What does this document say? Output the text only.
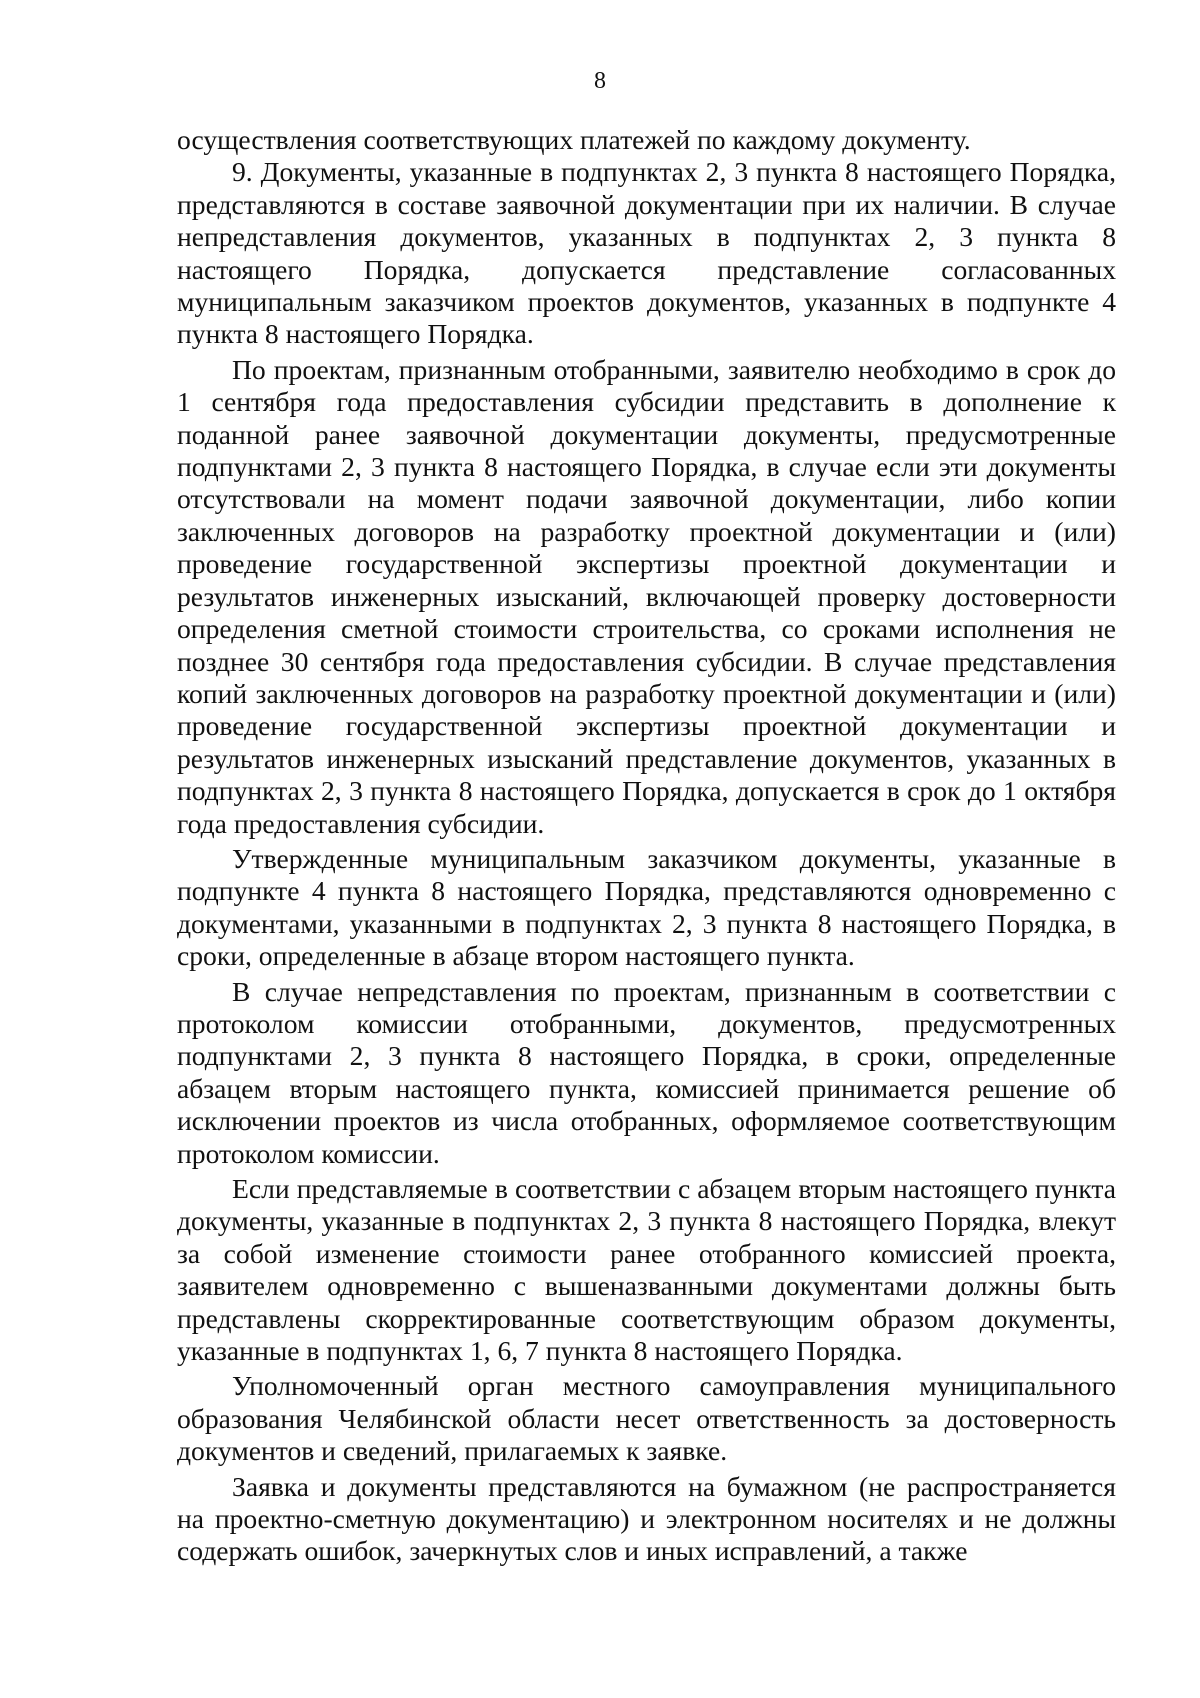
8

осуществления соответствующих платежей по каждому документу.

9. Документы, указанные в подпунктах 2, 3 пункта 8 настоящего Порядка, представляются в составе заявочной документации при их наличии. В случае непредставления документов, указанных в подпунктах 2, 3 пункта 8 настоящего Порядка, допускается представление согласованных муниципальным заказчиком проектов документов, указанных в подпункте 4 пункта 8 настоящего Порядка.

По проектам, признанным отобранными, заявителю необходимо в срок до 1 сентября года предоставления субсидии представить в дополнение к поданной ранее заявочной документации документы, предусмотренные подпунктами 2, 3 пункта 8 настоящего Порядка, в случае если эти документы отсутствовали на момент подачи заявочной документации, либо копии заключенных договоров на разработку проектной документации и (или) проведение государственной экспертизы проектной документации и результатов инженерных изысканий, включающей проверку достоверности определения сметной стоимости строительства, со сроками исполнения не позднее 30 сентября года предоставления субсидии. В случае представления копий заключенных договоров на разработку проектной документации и (или) проведение государственной экспертизы проектной документации и результатов инженерных изысканий представление документов, указанных в подпунктах 2, 3 пункта 8 настоящего Порядка, допускается в срок до 1 октября года предоставления субсидии.

Утвержденные муниципальным заказчиком документы, указанные в подпункте 4 пункта 8 настоящего Порядка, представляются одновременно с документами, указанными в подпунктах 2, 3 пункта 8 настоящего Порядка, в сроки, определенные в абзаце втором настоящего пункта.

В случае непредставления по проектам, признанным в соответствии с протоколом комиссии отобранными, документов, предусмотренных подпунктами 2, 3 пункта 8 настоящего Порядка, в сроки, определенные абзацем вторым настоящего пункта, комиссией принимается решение об исключении проектов из числа отобранных, оформляемое соответствующим протоколом комиссии.

Если представляемые в соответствии с абзацем вторым настоящего пункта документы, указанные в подпунктах 2, 3 пункта 8 настоящего Порядка, влекут за собой изменение стоимости ранее отобранного комиссией проекта, заявителем одновременно с вышеназванными документами должны быть представлены скорректированные соответствующим образом документы, указанные в подпунктах 1, 6, 7 пункта 8 настоящего Порядка.

Уполномоченный орган местного самоуправления муниципального образования Челябинской области несет ответственность за достоверность документов и сведений, прилагаемых к заявке.

Заявка и документы представляются на бумажном (не распространяется на проектно-сметную документацию) и электронном носителях и не должны содержать ошибок, зачеркнутых слов и иных исправлений, а также
